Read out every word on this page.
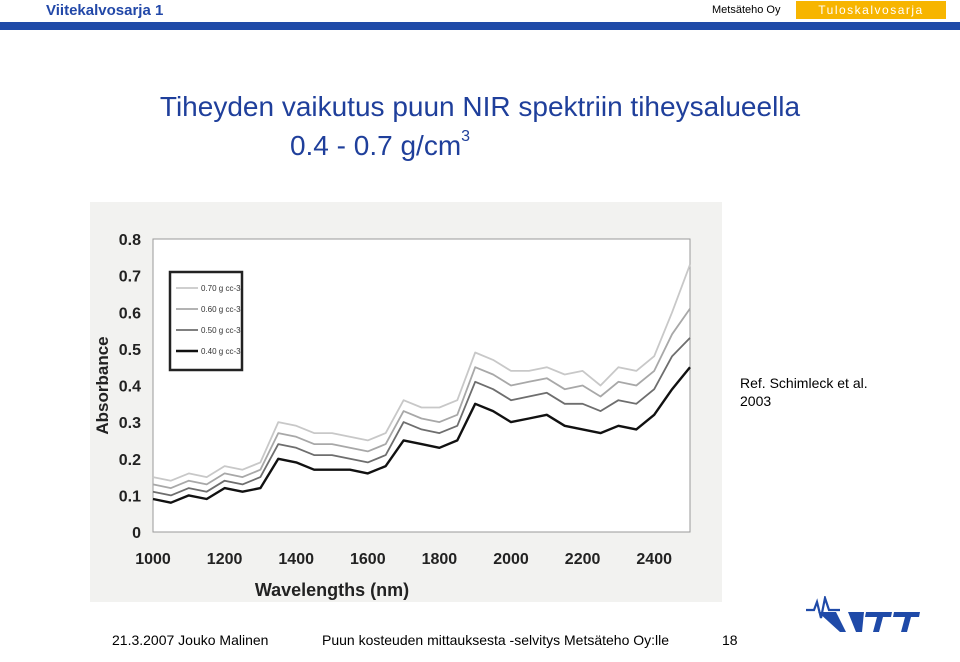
Viitekalvosarja 1	Metsäteho Oy	Tuloskalvosarja
Tiheyden vaikutus puun NIR spektriin tiheysalueella
0.4 - 0.7 $g/cm^3$
0
0.1
0.2
0.3
0.4
0.5
0.6
0.7
0.8
1000 1200 1400 1600 1800 2000 2200 2400
Wavelengths (nm)
Absorbance
0.70 g cc-3
0.60 g cc-3
0.50 g cc-3
0.40 g cc-3
Ref. Schimleck et al.
2003
21.3.2007 Jouko Malinen	Puun kosteuden mittauksesta -selvitys Metsäteho Oy:lle	18
